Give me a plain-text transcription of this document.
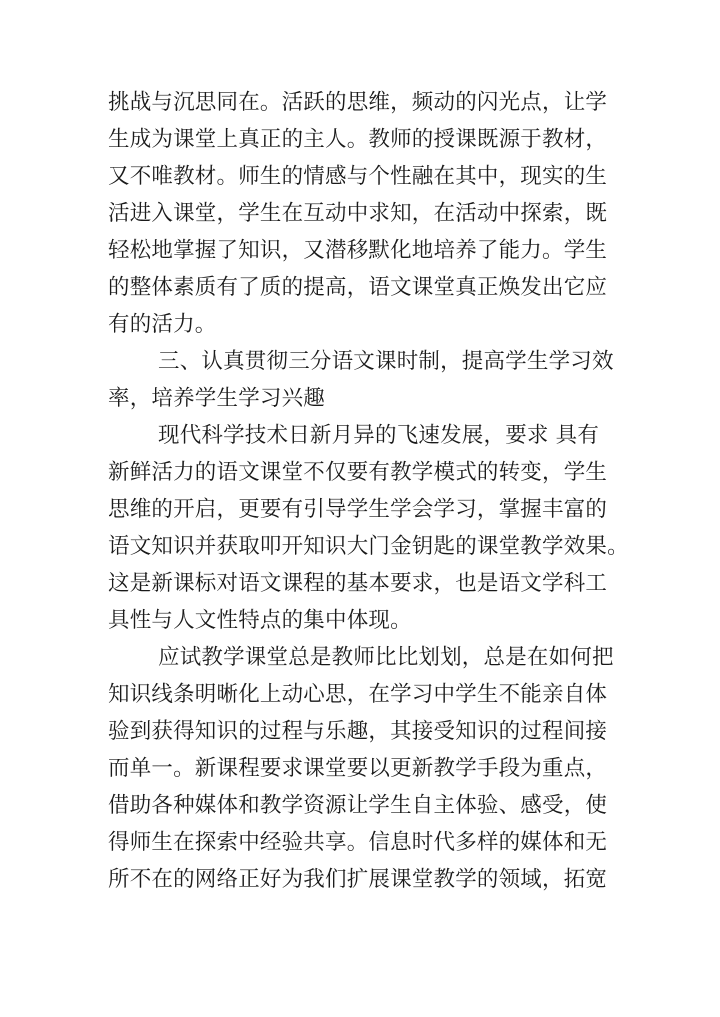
挑战与沉思同在。活跃的思维，频动的闪光点，让学
生成为课堂上真正的主人。教师的授课既源于教材，
又不唯教材。师生的情感与个性融在其中，现实的生
活进入课堂，学生在互动中求知，在活动中探索，既
轻松地掌握了知识，又潜移默化地培养了能力。学生
的整体素质有了质的提高，语文课堂真正焕发出它应
有的活力。
三、认真贯彻三分语文课时制，提高学生学习效
率，培养学生学习兴趣
现代科学技术日新月异的飞速发展，要求 具有
新鲜活力的语文课堂不仅要有教学模式的转变，学生
思维的开启，更要有引导学生学会学习，掌握丰富的
语文知识并获取叩开知识大门金钥匙的课堂教学效果。
这是新课标对语文课程的基本要求，也是语文学科工
具性与人文性特点的集中体现。
应试教学课堂总是教师比比划划，总是在如何把
知识线条明晰化上动心思，在学习中学生不能亲自体
验到获得知识的过程与乐趣，其接受知识的过程间接
而单一。新课程要求课堂要以更新教学手段为重点，
借助各种媒体和教学资源让学生自主体验、感受，使
得师生在探索中经验共享。信息时代多样的媒体和无
所不在的网络正好为我们扩展课堂教学的领域，拓宽
